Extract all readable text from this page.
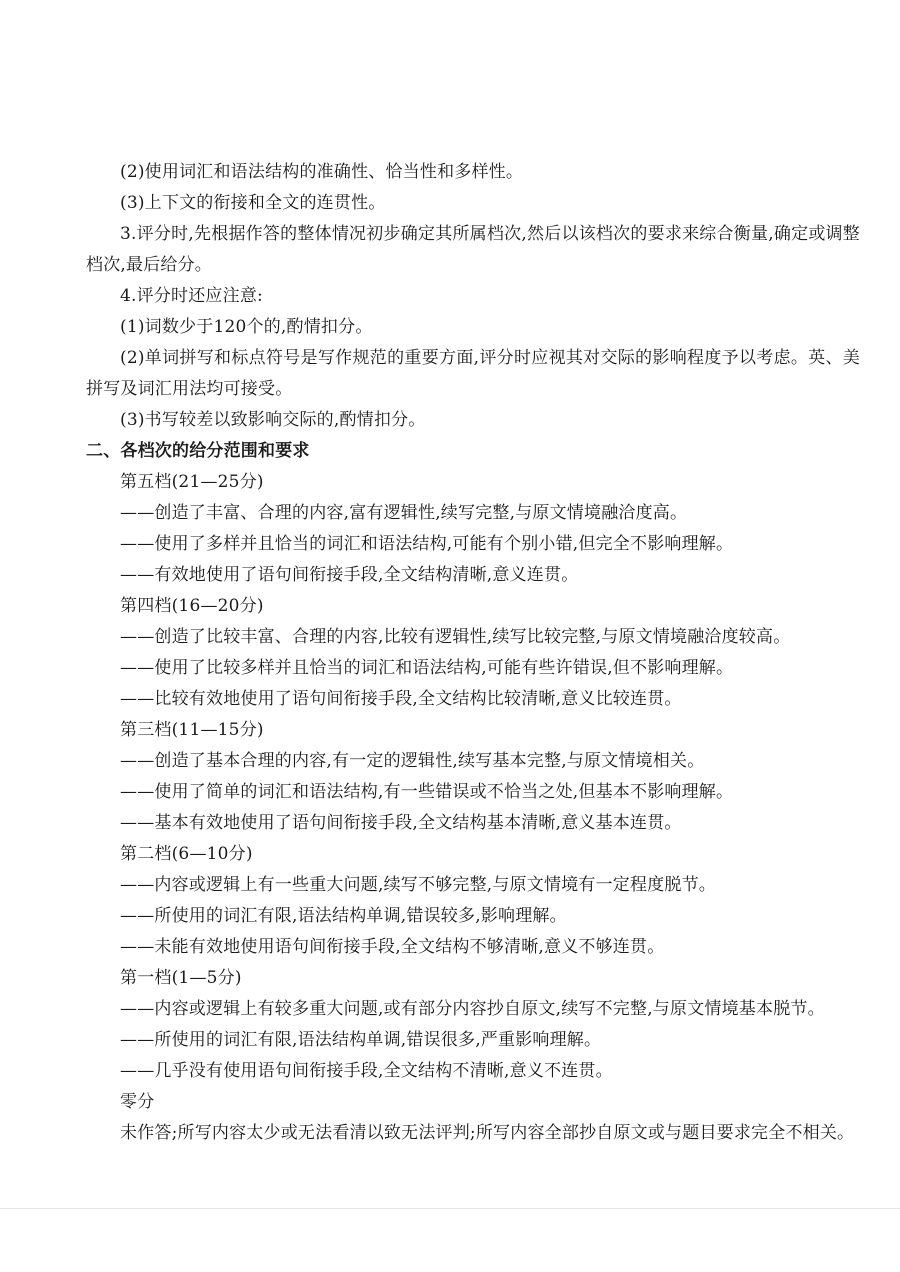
(2)使用词汇和语法结构的准确性、恰当性和多样性。

(3)上下文的衔接和全文的连贯性。

3.评分时,先根据作答的整体情况初步确定其所属档次,然后以该档次的要求来综合衡量,确定或调整档次,最后给分。

4.评分时还应注意:

(1)词数少于120个的,酌情扣分。

(2)单词拼写和标点符号是写作规范的重要方面,评分时应视其对交际的影响程度予以考虑。英、美拼写及词汇用法均可接受。

(3)书写较差以致影响交际的,酌情扣分。

二、各档次的给分范围和要求

第五档(21—25分)

——创造了丰富、合理的内容,富有逻辑性,续写完整,与原文情境融洽度高。

——使用了多样并且恰当的词汇和语法结构,可能有个别小错,但完全不影响理解。

——有效地使用了语句间衔接手段,全文结构清晰,意义连贯。

第四档(16—20分)

——创造了比较丰富、合理的内容,比较有逻辑性,续写比较完整,与原文情境融洽度较高。

——使用了比较多样并且恰当的词汇和语法结构,可能有些许错误,但不影响理解。

——比较有效地使用了语句间衔接手段,全文结构比较清晰,意义比较连贯。

第三档(11—15分)

——创造了基本合理的内容,有一定的逻辑性,续写基本完整,与原文情境相关。

——使用了简单的词汇和语法结构,有一些错误或不恰当之处,但基本不影响理解。

——基本有效地使用了语句间衔接手段,全文结构基本清晰,意义基本连贯。

第二档(6—10分)

——内容或逻辑上有一些重大问题,续写不够完整,与原文情境有一定程度脱节。

——所使用的词汇有限,语法结构单调,错误较多,影响理解。

——未能有效地使用语句间衔接手段,全文结构不够清晰,意义不够连贯。

第一档(1—5分)

——内容或逻辑上有较多重大问题,或有部分内容抄自原文,续写不完整,与原文情境基本脱节。

——所使用的词汇有限,语法结构单调,错误很多,严重影响理解。

——几乎没有使用语句间衔接手段,全文结构不清晰,意义不连贯。

零分

未作答;所写内容太少或无法看清以致无法评判;所写内容全部抄自原文或与题目要求完全不相关。
